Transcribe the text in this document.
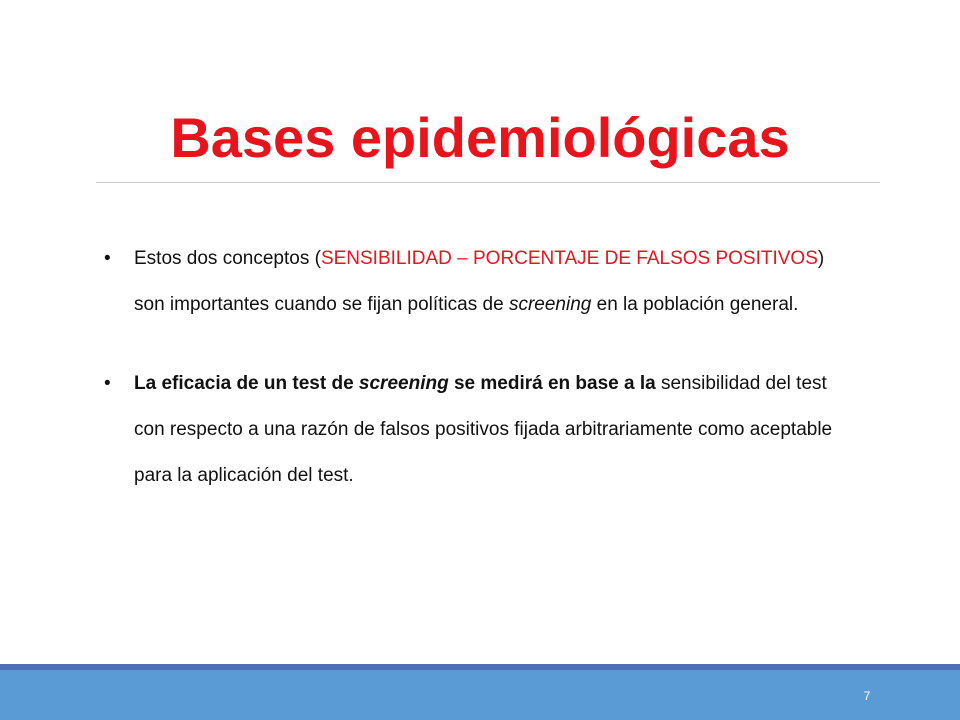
Bases epidemiológicas
• Estos dos conceptos (SENSIBILIDAD – PORCENTAJE DE FALSOS POSITIVOS) son importantes cuando se fijan políticas de screening en la población general.
• La eficacia de un test de screening se medirá en base a la sensibilidad del test con respecto a una razón de falsos positivos fijada arbitrariamente como aceptable para la aplicación del test.
7
